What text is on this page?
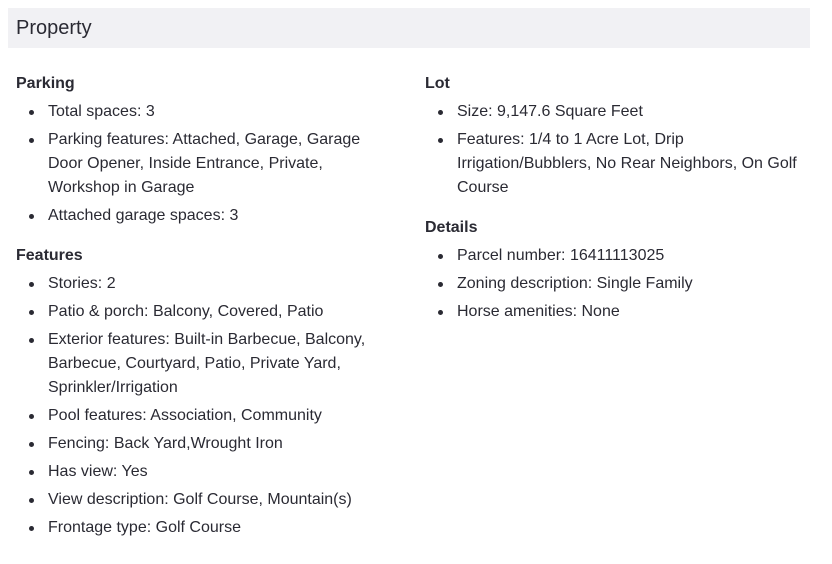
Property
Parking
Total spaces: 3
Parking features: Attached, Garage, Garage Door Opener, Inside Entrance, Private, Workshop in Garage
Attached garage spaces: 3
Features
Stories: 2
Patio & porch: Balcony, Covered, Patio
Exterior features: Built-in Barbecue, Balcony, Barbecue, Courtyard, Patio, Private Yard, Sprinkler/Irrigation
Pool features: Association, Community
Fencing: Back Yard,Wrought Iron
Has view: Yes
View description: Golf Course, Mountain(s)
Frontage type: Golf Course
Lot
Size: 9,147.6 Square Feet
Features: 1/4 to 1 Acre Lot, Drip Irrigation/Bubblers, No Rear Neighbors, On Golf Course
Details
Parcel number: 16411113025
Zoning description: Single Family
Horse amenities: None
